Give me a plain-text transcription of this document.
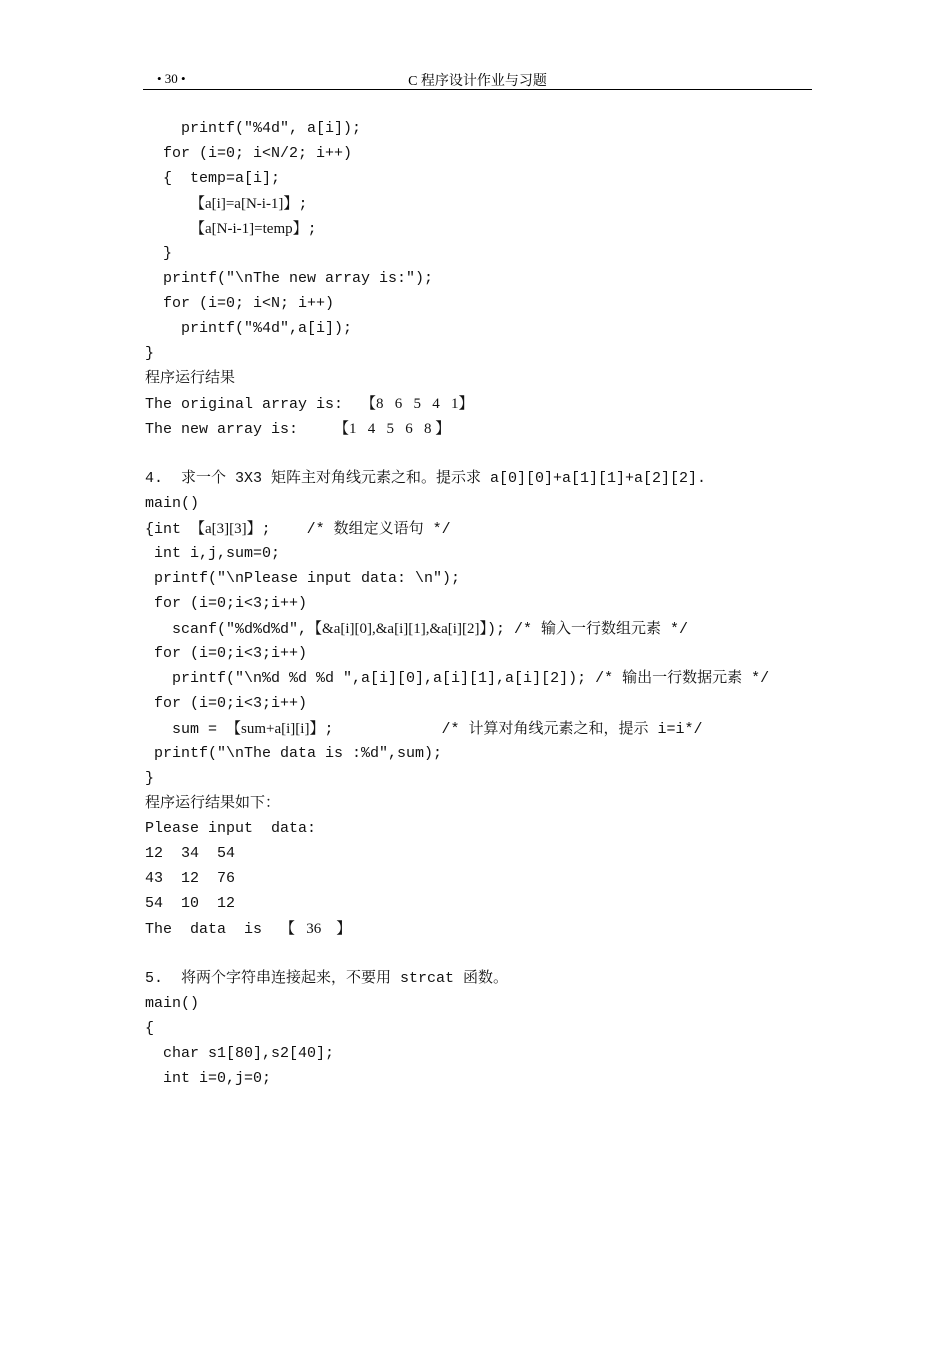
• 30 •	C 程序设计作业与习题
printf(″%4d″, a[i]);
for (i=0; i<N/2; i++)
{  temp=a[i];
【a[i]=a[N-i-1]】;
【a[N-i-1]=temp】;
}
printf(″\nThe new array is:″);
for (i=0; i<N; i++)
printf(″%4d″,a[i]);
}
程序运行结果
The original array is:  【8   6   5   4   1】
The new array is:    【1   4   5   6   8 】
4.  求一个 3X3 矩阵主对角线元素之和。提示求 a[0][0]+a[1][1]+a[2][2].
main()
{int 【a[3][3]】;    /* 数组定义语句 */
int i,j,sum=0;
printf(″\nPlease input data: \n″);
for (i=0;i<3;i++)
scanf(″%d%d%d″,【&a[i][0],&a[i][1],&a[i][2]】); /* 输入一行数组元素 */
for (i=0;i<3;i++)
printf(″\n%d %d %d ″,a[i][0],a[i][1],a[i][2]); /* 输出一行数据元素 */
for (i=0;i<3;i++)
sum = 【sum+a[i][i]】;            /* 计算对角线元素之和，提示 i=i*/
printf(″\nThe data is :%d″,sum);
}
程序运行结果如下：
Please input  data:
12  34  54
43  12  76
54  10  12
The  data  is  【   36    】
5.  将两个字符串连接起来，不要用 strcat 函数。
main()
{
char s1[80],s2[40];
int i=0,j=0;
